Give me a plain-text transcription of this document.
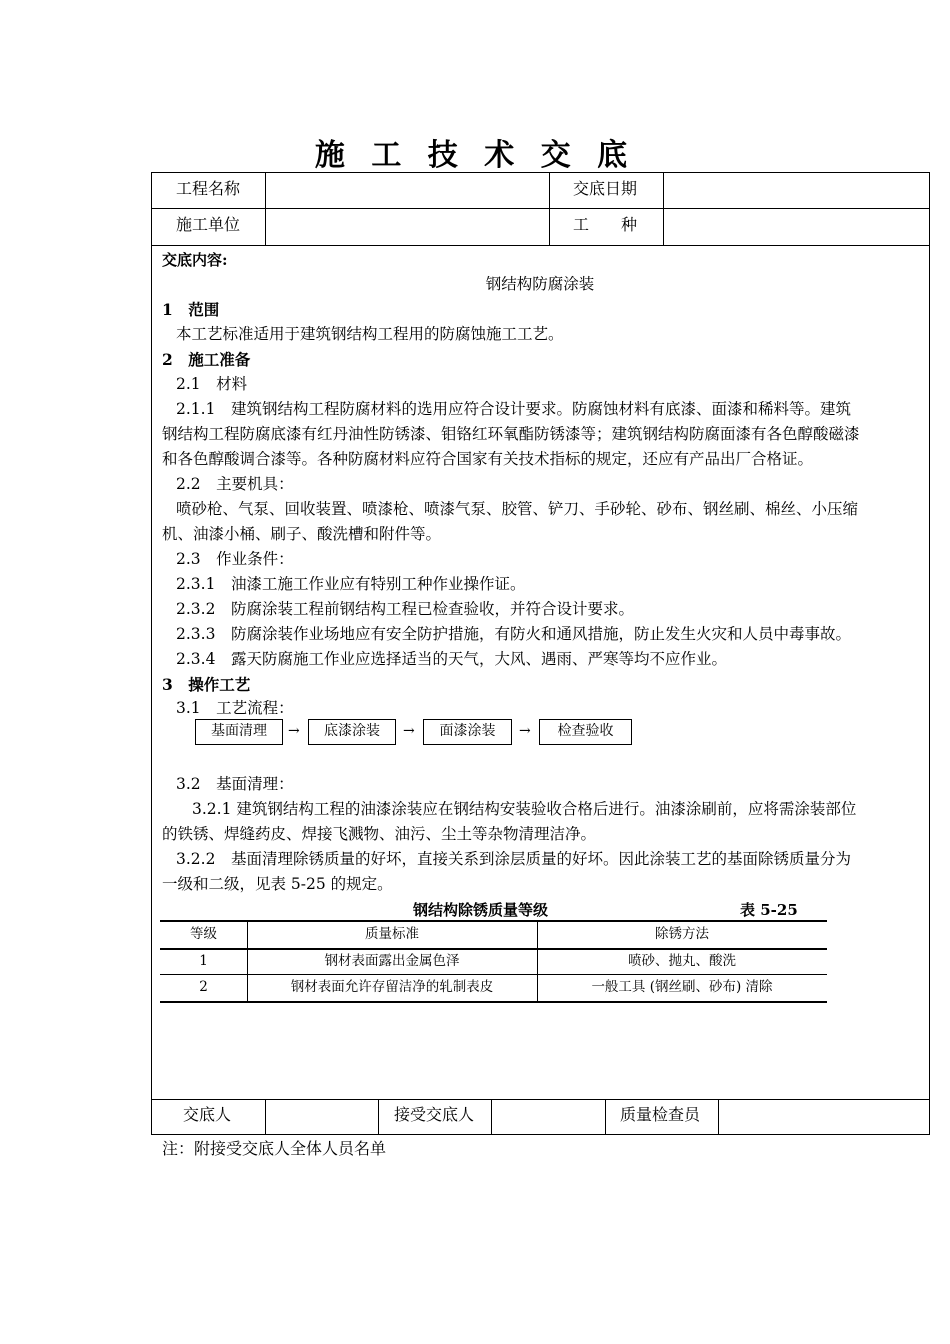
施 工 技 术 交 底
工程名称	交底日期
施工单位	工　　种
交底内容:
钢结构防腐涂装
1　范围
本工艺标准适用于建筑钢结构工程用的防腐蚀施工工艺。
2　施工准备
2.1　材料
2.1.1　建筑钢结构工程防腐材料的选用应符合设计要求。防腐蚀材料有底漆、面漆和稀料等。建筑
钢结构工程防腐底漆有红丹油性防锈漆、钼铬红环氧酯防锈漆等；建筑钢结构防腐面漆有各色醇酸磁漆
和各色醇酸调合漆等。各种防腐材料应符合国家有关技术指标的规定，还应有产品出厂合格证。
2.2　主要机具：
喷砂枪、气泵、回收装置、喷漆枪、喷漆气泵、胶管、铲刀、手砂轮、砂布、钢丝刷、棉丝、小压缩
机、油漆小桶、刷子、酸洗槽和附件等。
2.3　作业条件：
2.3.1　油漆工施工作业应有特别工种作业操作证。
2.3.2　防腐涂装工程前钢结构工程已检查验收，并符合设计要求。
2.3.3　防腐涂装作业场地应有安全防护措施，有防火和通风措施，防止发生火灾和人员中毒事故。
2.3.4　露天防腐施工作业应选择适当的天气，大风、遇雨、严寒等均不应作业。
3　操作工艺
3.1　工艺流程：
基面清理	→	底漆涂装	→	面漆涂装	→	检查验收
3.2　基面清理：
3.2.1 建筑钢结构工程的油漆涂装应在钢结构安装验收合格后进行。油漆涂刷前，应将需涂装部位
的铁锈、焊缝药皮、焊接飞溅物、油污、尘土等杂物清理洁净。
3.2.2　基面清理除锈质量的好坏，直接关系到涂层质量的好坏。因此涂装工艺的基面除锈质量分为
一级和二级，见表 5-25 的规定。
钢结构除锈质量等级	表 5-25
等级	质量标准	除锈方法
1	钢材表面露出金属色泽	喷砂、抛丸、酸洗
2	钢材表面允许存留洁净的轧制表皮	一般工具 (钢丝刷、砂布) 清除
交底人	接受交底人	质量检查员
注：附接受交底人全体人员名单
